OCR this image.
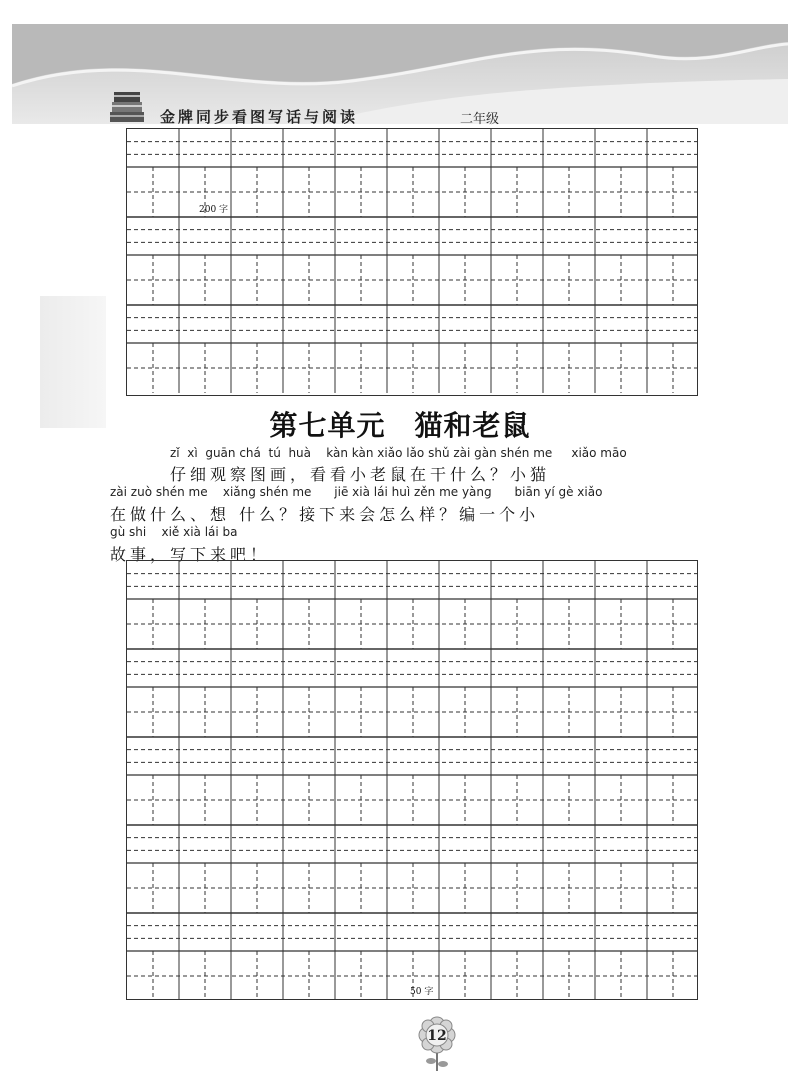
金牌同步看图写话与阅读	二年级
200 字
第七单元　猫和老鼠
zǐ  xì  guān chá  tú  huà    kàn kàn xiǎo lǎo shǔ zài gàn shén me     xiǎo māo
仔细观察图画，看看小老鼠在干什么？小猫
zài zuò shén me    xiǎng shén me      jiē xià lái huì zěn me yàng      biān yí gè xiǎo
在做什么、想 什么？接下来会怎么样？编一个小
gù shi    xiě xià lái ba
故事，写下来吧！
50 字
12
